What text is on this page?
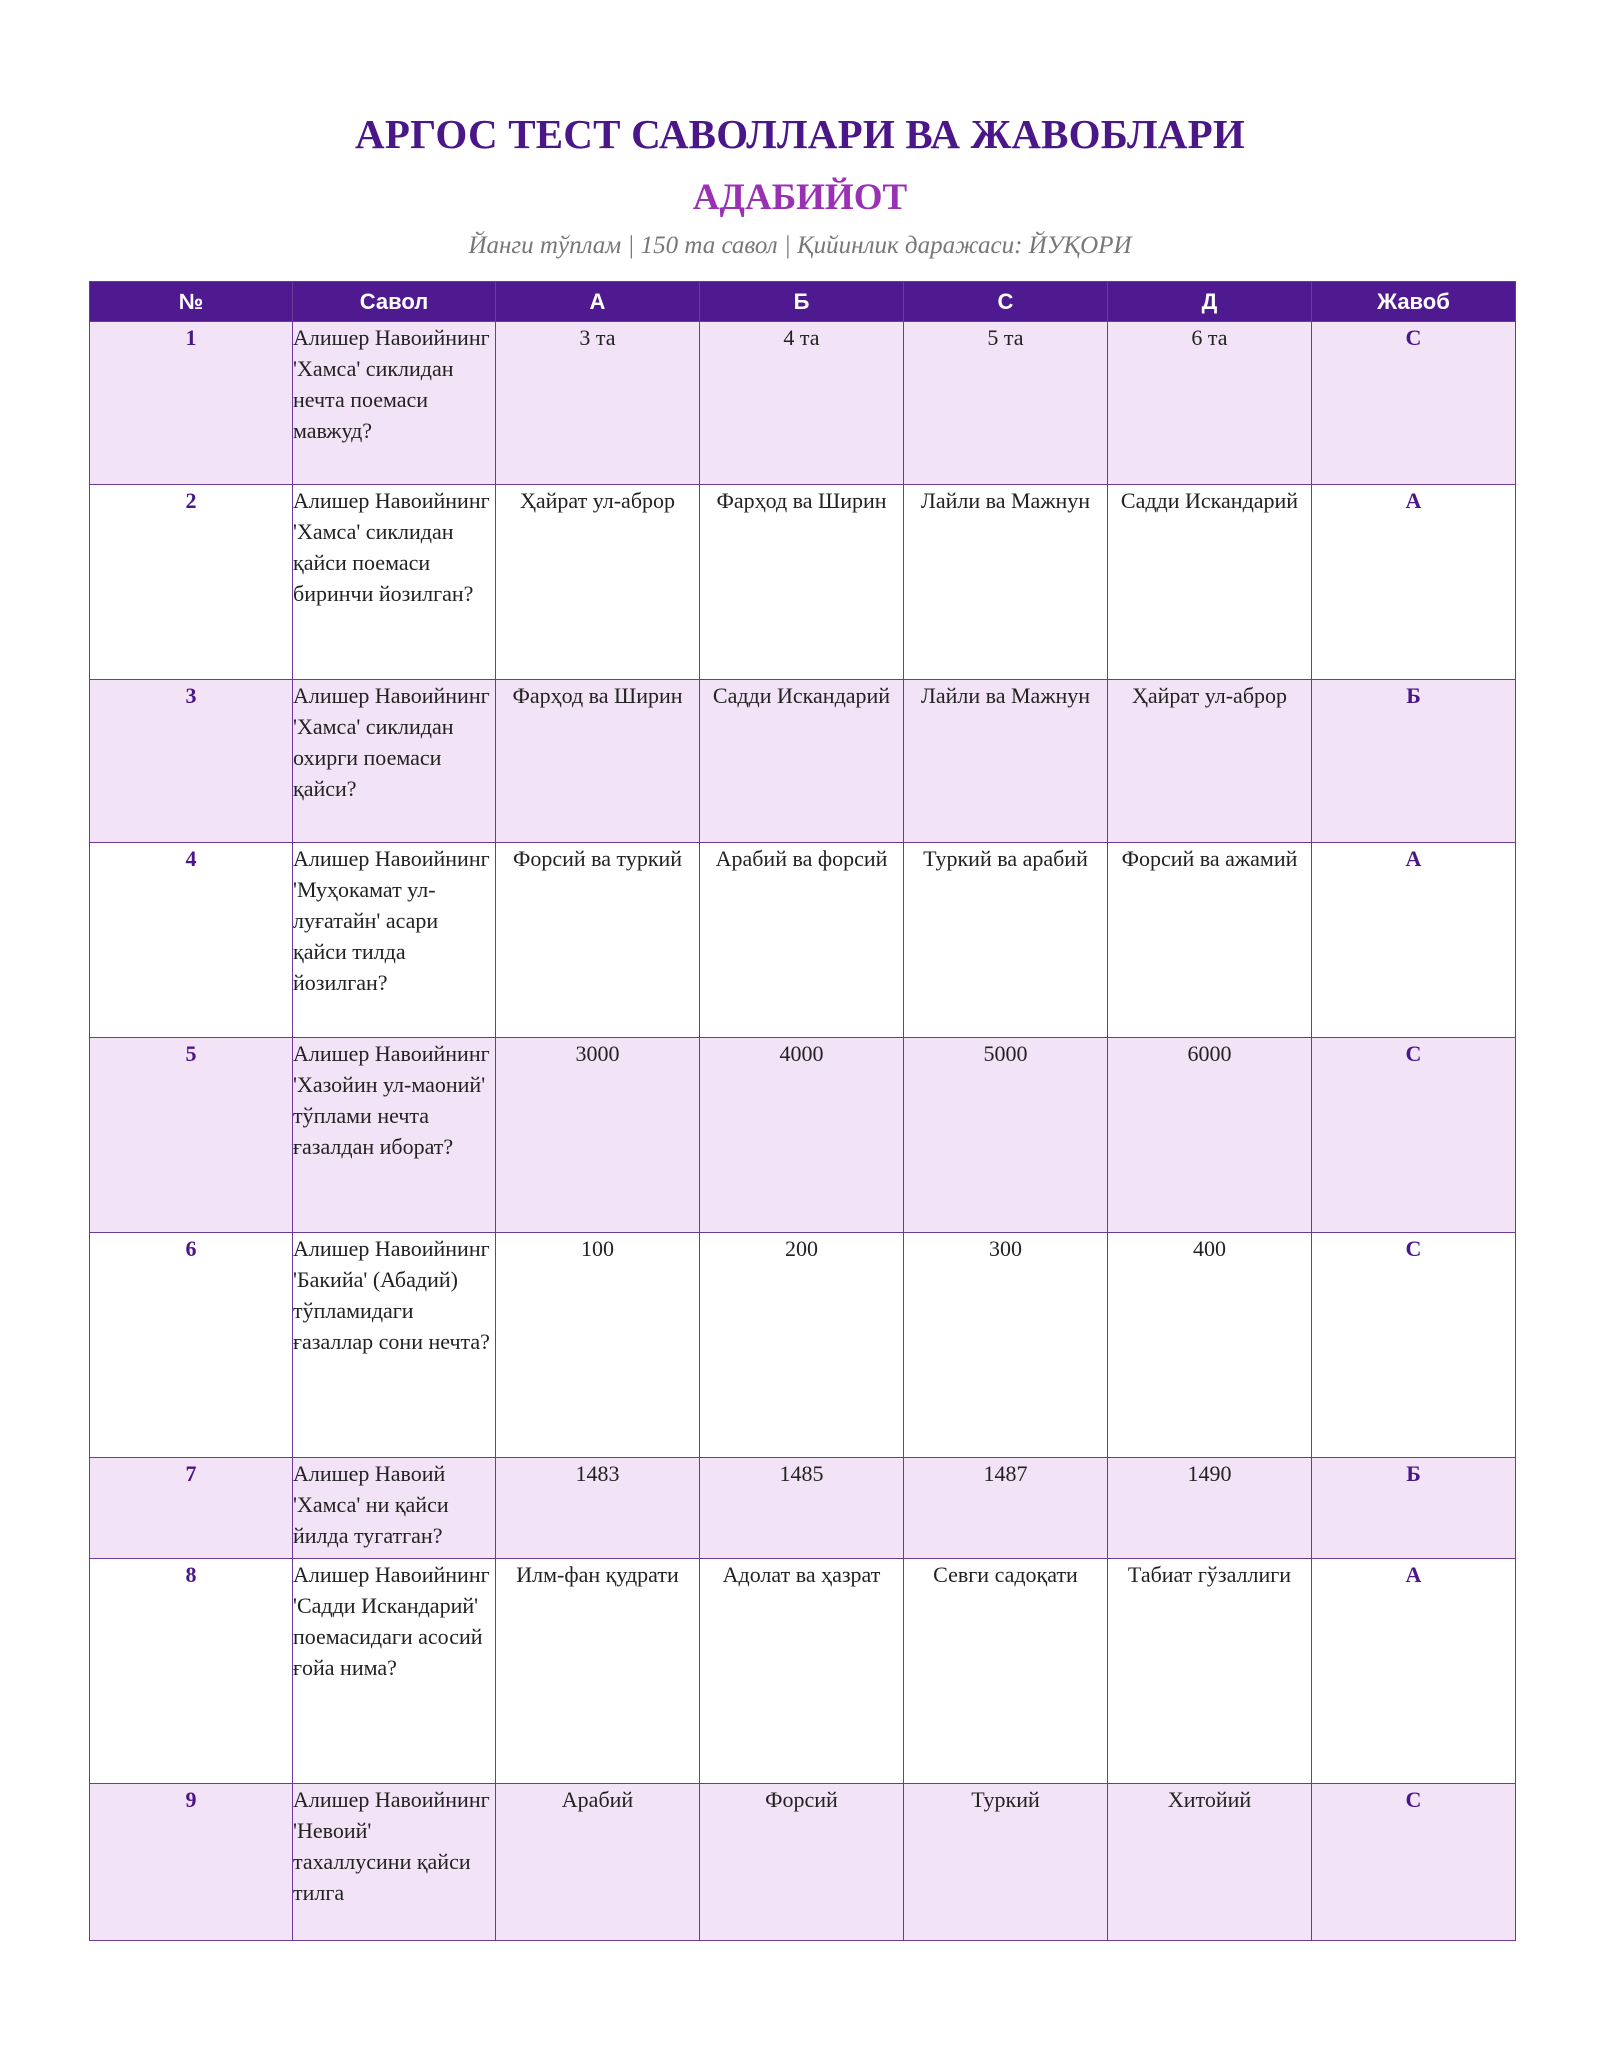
АРГОС ТЕСТ САВОЛЛАРИ ВА ЖАВОБЛАРИ
АДАБИЙОТ
Йанги тўплам | 150 та савол | Қийинлик даражаси: ЙУҚОРИ
№	Савол	А	Б	С	Д	Жавоб
1	Алишер Навоийнинг 'Хамса' сиклидан нечта поемаси мавжуд?	3 та	4 та	5 та	6 та	С
2	Алишер Навоийнинг 'Хамса' сиклидан қайси поемаси биринчи йозилган?	Ҳайрат ул-аброр	Фарҳод ва Ширин	Лайли ва Мажнун	Садди Искандарий	А
3	Алишер Навоийнинг 'Хамса' сиклидан охирги поемаси қайси?	Фарҳод ва Ширин	Садди Искандарий	Лайли ва Мажнун	Ҳайрат ул-аброр	Б
4	Алишер Навоийнинг 'Муҳокамат ул-луғатайн' асари қайси тилда йозилган?	Форсий ва туркий	Арабий ва форсий	Туркий ва арабий	Форсий ва ажамий	А
5	Алишер Навоийнинг 'Хазойин ул-маоний' тўплами нечта ғазалдан иборат?	3000	4000	5000	6000	С
6	Алишер Навоийнинг 'Бакийа' (Абадий) тўпламидаги ғазаллар сони нечта?	100	200	300	400	С
7	Алишер Навоий 'Хамса' ни қайси йилда тугатган?	1483	1485	1487	1490	Б
8	Алишер Навоийнинг 'Садди Искандарий' поемасидаги асосий ғойа нима?	Илм-фан қудрати	Адолат ва ҳазрат	Севги садоқати	Табиат гўзаллиги	А
9	Алишер Навоийнинг 'Невоий' тахаллусини қайси тилга	Арабий	Форсий	Туркий	Хитойий	С
